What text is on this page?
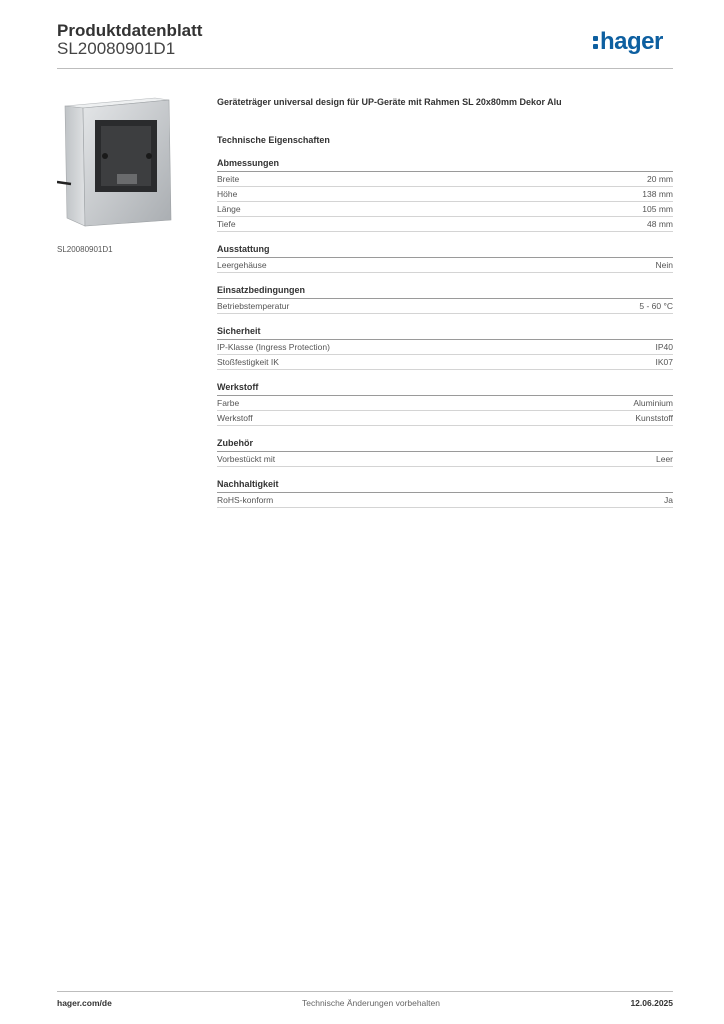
Produktdatenblatt
SL20080901D1	hager
SL20080901D1

Geräteträger universal design für UP-Geräte mit Rahmen SL 20x80mm Dekor Alu

Technische Eigenschaften
Abmessungen
Breite	20 mm
Höhe	138 mm
Länge	105 mm
Tiefe	48 mm
Ausstattung
Leergehäuse	Nein
Einsatzbedingungen
Betriebstemperatur	5 - 60 °C
Sicherheit
IP-Klasse (Ingress Protection)	IP40
Stoßfestigkeit IK	IK07
Werkstoff
Farbe	Aluminium
Werkstoff	Kunststoff
Zubehör
Vorbestückt mit	Leer
Nachhaltigkeit
RoHS-konform	Ja
hager.com/de	Technische Änderungen vorbehalten	12.06.2025
